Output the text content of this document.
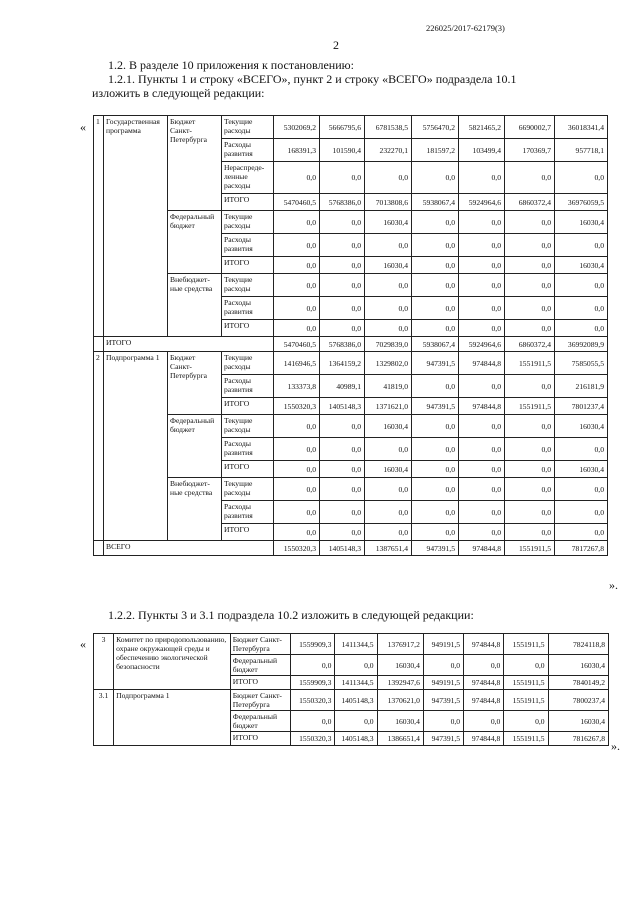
226025/2017-62179(3)
2
1.2. В разделе 10 приложения к постановлению:
1.2.1. Пункты 1 и строку «ВСЕГО», пункт 2 и строку «ВСЕГО» подраздела 10.1
изложить в следующей редакции:
« 1	Государственная программа	Бюджет Санкт-Петербурга	Текущие расходы	5302069,2	5666795,6	6781538,5	5756470,2	5821465,2	6690002,7	36018341,4
			Расходы развития	168391,3	101590,4	232270,1	181597,2	103499,4	170369,7	957718,1
			Нераспреде-ленные расходы	0,0	0,0	0,0	0,0	0,0	0,0	0,0
			ИТОГО	5470460,5	5768386,0	7013808,6	5938067,4	5924964,6	6860372,4	36976059,5
		Федеральный бюджет	Текущие расходы	0,0	0,0	16030,4	0,0	0,0	0,0	16030,4
			Расходы развития	0,0	0,0	0,0	0,0	0,0	0,0	0,0
			ИТОГО	0,0	0,0	16030,4	0,0	0,0	0,0	16030,4
		Внебюджет-ные средства	Текущие расходы	0,0	0,0	0,0	0,0	0,0	0,0	0,0
			Расходы развития	0,0	0,0	0,0	0,0	0,0	0,0	0,0
			ИТОГО	0,0	0,0	0,0	0,0	0,0	0,0	0,0
	ИТОГО			5470460,5	5768386,0	7029839,0	5938067,4	5924964,6	6860372,4	36992089,9
2	Подпрограмма 1	Бюджет Санкт-Петербурга	Текущие расходы	1416946,5	1364159,2	1329802,0	947391,5	974844,8	1551911,5	7585055,5
			Расходы развития	133373,8	40989,1	41819,0	0,0	0,0	0,0	216181,9
			ИТОГО	1550320,3	1405148,3	1371621,0	947391,5	974844,8	1551911,5	7801237,4
		Федеральный бюджет	Текущие расходы	0,0	0,0	16030,4	0,0	0,0	0,0	16030,4
			Расходы развития	0,0	0,0	0,0	0,0	0,0	0,0	0,0
			ИТОГО	0,0	0,0	16030,4	0,0	0,0	0,0	16030,4
		Внебюджет-ные средства	Текущие расходы	0,0	0,0	0,0	0,0	0,0	0,0	0,0
			Расходы развития	0,0	0,0	0,0	0,0	0,0	0,0	0,0
			ИТОГО	0,0	0,0	0,0	0,0	0,0	0,0	0,0
	ВСЕГО			1550320,3	1405148,3	1387651,4	947391,5	974844,8	1551911,5	7817267,8
».
1.2.2. Пункты 3 и 3.1 подраздела 10.2 изложить в следующей редакции:
« 3	Комитет по природопользованию, охране окружающей среды и обеспечению экологической безопасности	Бюджет Санкт-Петербурга	1559909,3	1411344,5	1376917,2	949191,5	974844,8	1551911,5	7824118,8
		Федеральный бюджет	0,0	0,0	16030,4	0,0	0,0	0,0	16030,4
		ИТОГО	1559909,3	1411344,5	1392947,6	949191,5	974844,8	1551911,5	7840149,2
3.1	Подпрограмма 1	Бюджет Санкт-Петербурга	1550320,3	1405148,3	1370621,0	947391,5	974844,8	1551911,5	7800237,4
		Федеральный бюджет	0,0	0,0	16030,4	0,0	0,0	0,0	16030,4
		ИТОГО	1550320,3	1405148,3	1386651,4	947391,5	974844,8	1551911,5	7816267,8
».
